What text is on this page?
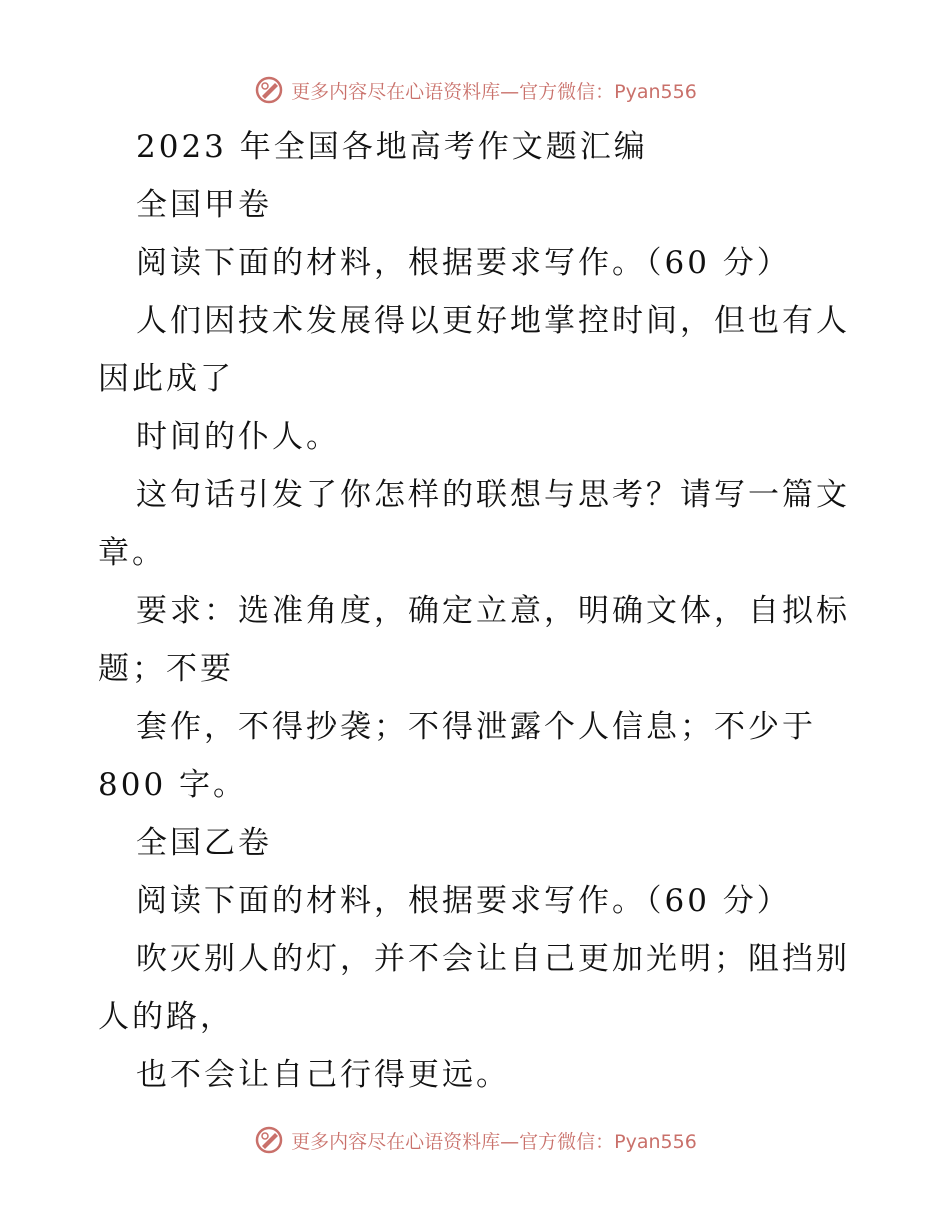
更多内容尽在心语资料库—官方微信：Pyan556
2023 年全国各地高考作文题汇编
全国甲卷
阅读下面的材料，根据要求写作。（60 分）
人们因技术发展得以更好地掌控时间，但也有人
因此成了
时间的仆人。
这句话引发了你怎样的联想与思考？请写一篇文
章。
要求：选准角度，确定立意，明确文体，自拟标
题；不要
套作，不得抄袭；不得泄露个人信息；不少于
800 字。
全国乙卷
阅读下面的材料，根据要求写作。（60 分）
吹灭别人的灯，并不会让自己更加光明；阻挡别
人的路，
也不会让自己行得更远。
更多内容尽在心语资料库—官方微信：Pyan556
